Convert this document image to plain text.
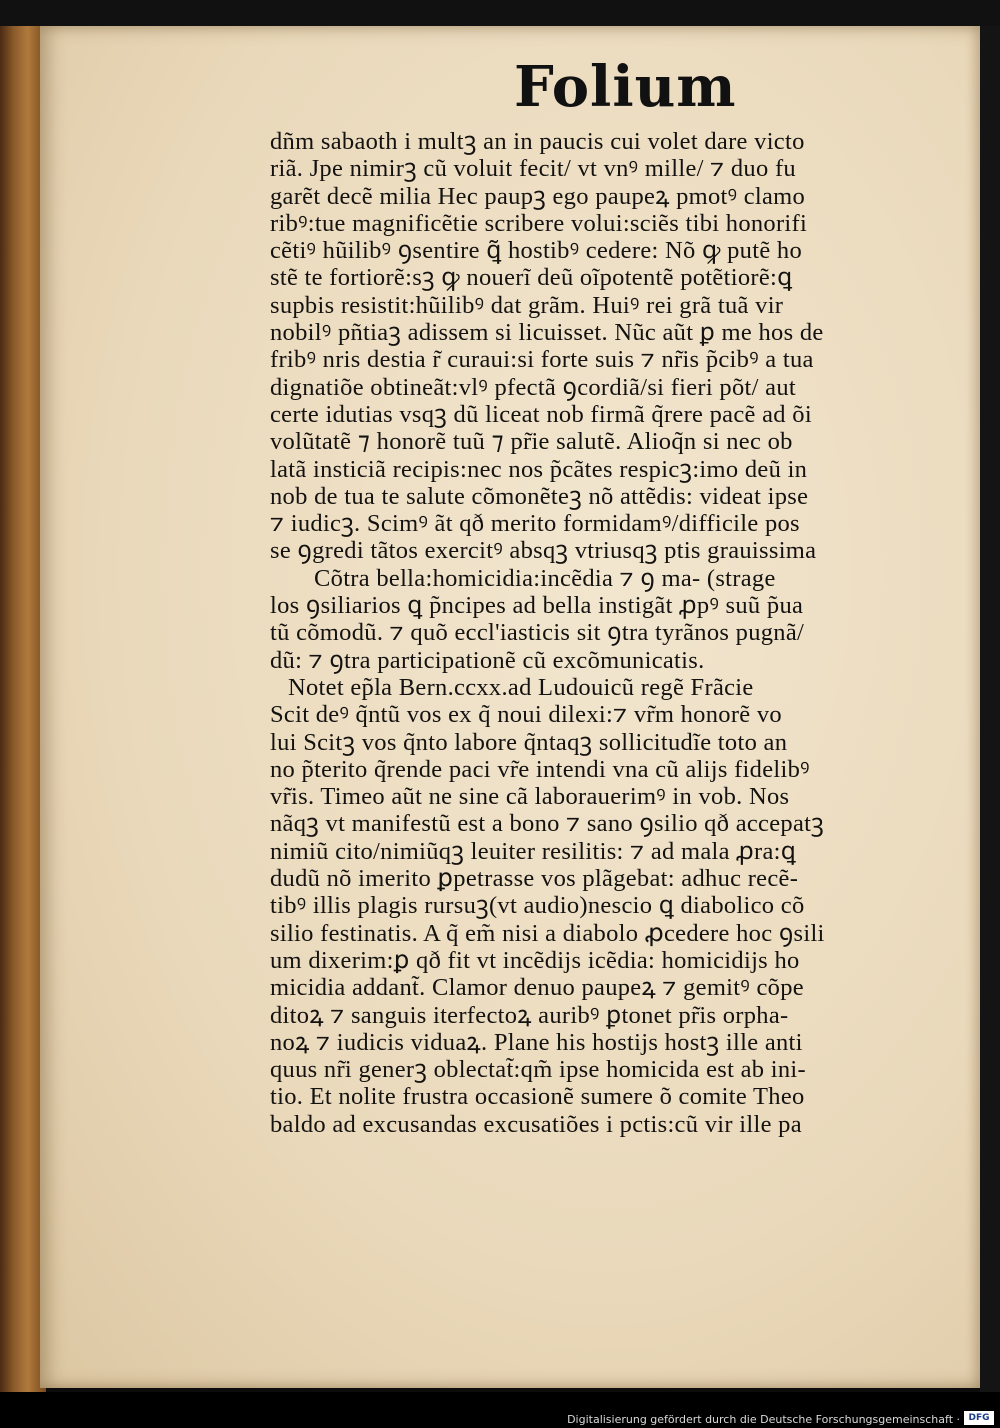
Folium
dñm sabaoth i multꝫ an in paucis cui volet dare victo
riã. Jpe nimirꝫ cũ voluit fecit/ vt vnꝰ mille/ ⁊ duo fu
garẽt decẽ milia Hec paupꝫ ego paupeꝝ pmotꝰ clamo
ribꝰ:tue magnificẽtie scribere volui:sciẽs tibi honorifi
cẽtiꝰ hũilibꝰ ꝯsentire ꝗ̃ hostibꝰ cedere: Nõ ꝙ putẽ ho
stẽ te fortiorẽ:sꝫ ꝙ nouerĩ deũ oĩpotentẽ potẽtiorẽ:ꝗ
supbis resistit:hũilibꝰ dat grãm. Huiꝰ rei grã tuã vir
nobilꝰ pñtiaꝫ adissem si licuisset. Nũc aũt ꝑ me hos de
fribꝰ nris destia r̃ curaui:si forte suis ⁊ nr̃is p̃cibꝰ a tua
dignatiõe obtineãt:vlꝰ pfectã ꝯcordiã/si fieri põt/ aut
certe idutias vsqꝫ dũ liceat nob firmã q̃rere pacẽ ad õi
volũtatẽ ⁊ honorẽ tuũ ⁊ pr̃ie salutẽ. Alioq̃n si nec ob
latã insticiã recipis:nec nos p̃cãtes respicꝫ:imo deũ in
nob de tua te salute cõmonẽteꝫ nõ attẽdis: videat ipse
⁊ iudicꝫ. Scimꝰ ãt qð merito formidamꝰ/difficile pos
se ꝯgredi tãtos exercitꝰ absqꝫ vtriusqꝫ ptis grauissima
Cõtra bella:homicidia:incẽdia ⁊ ꝯ ma- (strage
los ꝯsiliarios ꝗ p̃ncipes ad bella instigãt ꝓpꝰ suũ p̃ua
tũ cõmodũ. ⁊ quõ eccl'iasticis sit ꝯtra tyrãnos pugnã/
dũ: ⁊ ꝯtra participationẽ cũ excõmunicatis.
Notet ep̃la Bern.ccxx.ad Ludouicũ regẽ Frãcie
Scit deꝰ q̃ntũ vos ex q̃ noui dilexi:⁊ vr̃m honorẽ vo
lui Scitꝫ vos q̃nto labore q̃ntaqꝫ sollicitudĩe toto an
no p̃terito q̃rende paci vr̃e intendi vna cũ alijs fidelibꝰ
vr̃is. Timeo aũt ne sine cã laborauerimꝰ in vob. Nos
nãqꝫ vt manifestũ est a bono ⁊ sano ꝯsilio qð accepatꝫ
nimiũ cito/nimiũqꝫ leuiter resilitis: ⁊ ad mala ꝓra:ꝗ
dudũ nõ imerito ꝑpetrasse vos plãgebat: adhuc recẽ-
tibꝰ illis plagis rursuꝫ(vt audio)nescio ꝗ diabolico cõ
silio festinatis. A q̃ em̃ nisi a diabolo ꝓcedere hoc ꝯsili
um dixerim:ꝑ qð fit vt incẽdijs icẽdia: homicidijs ho
micidia addant̃. Clamor denuo paupeꝝ ⁊ gemitꝰ cõpe
ditoꝝ ⁊ sanguis iterfectoꝝ auribꝰ ꝑtonet pr̃is orpha-
noꝝ ⁊ iudicis viduaꝝ. Plane his hostijs hostꝫ ille anti
quus nr̃i generꝫ oblectat̃:qm̃ ipse homicida est ab ini-
tio. Et nolite frustra occasionẽ sumere õ comite Theo
baldo ad excusandas excusatiões i pctis:cũ vir ille pa
Digitalisierung gefördert durch die Deutsche Forschungsgemeinschaft · DFG
